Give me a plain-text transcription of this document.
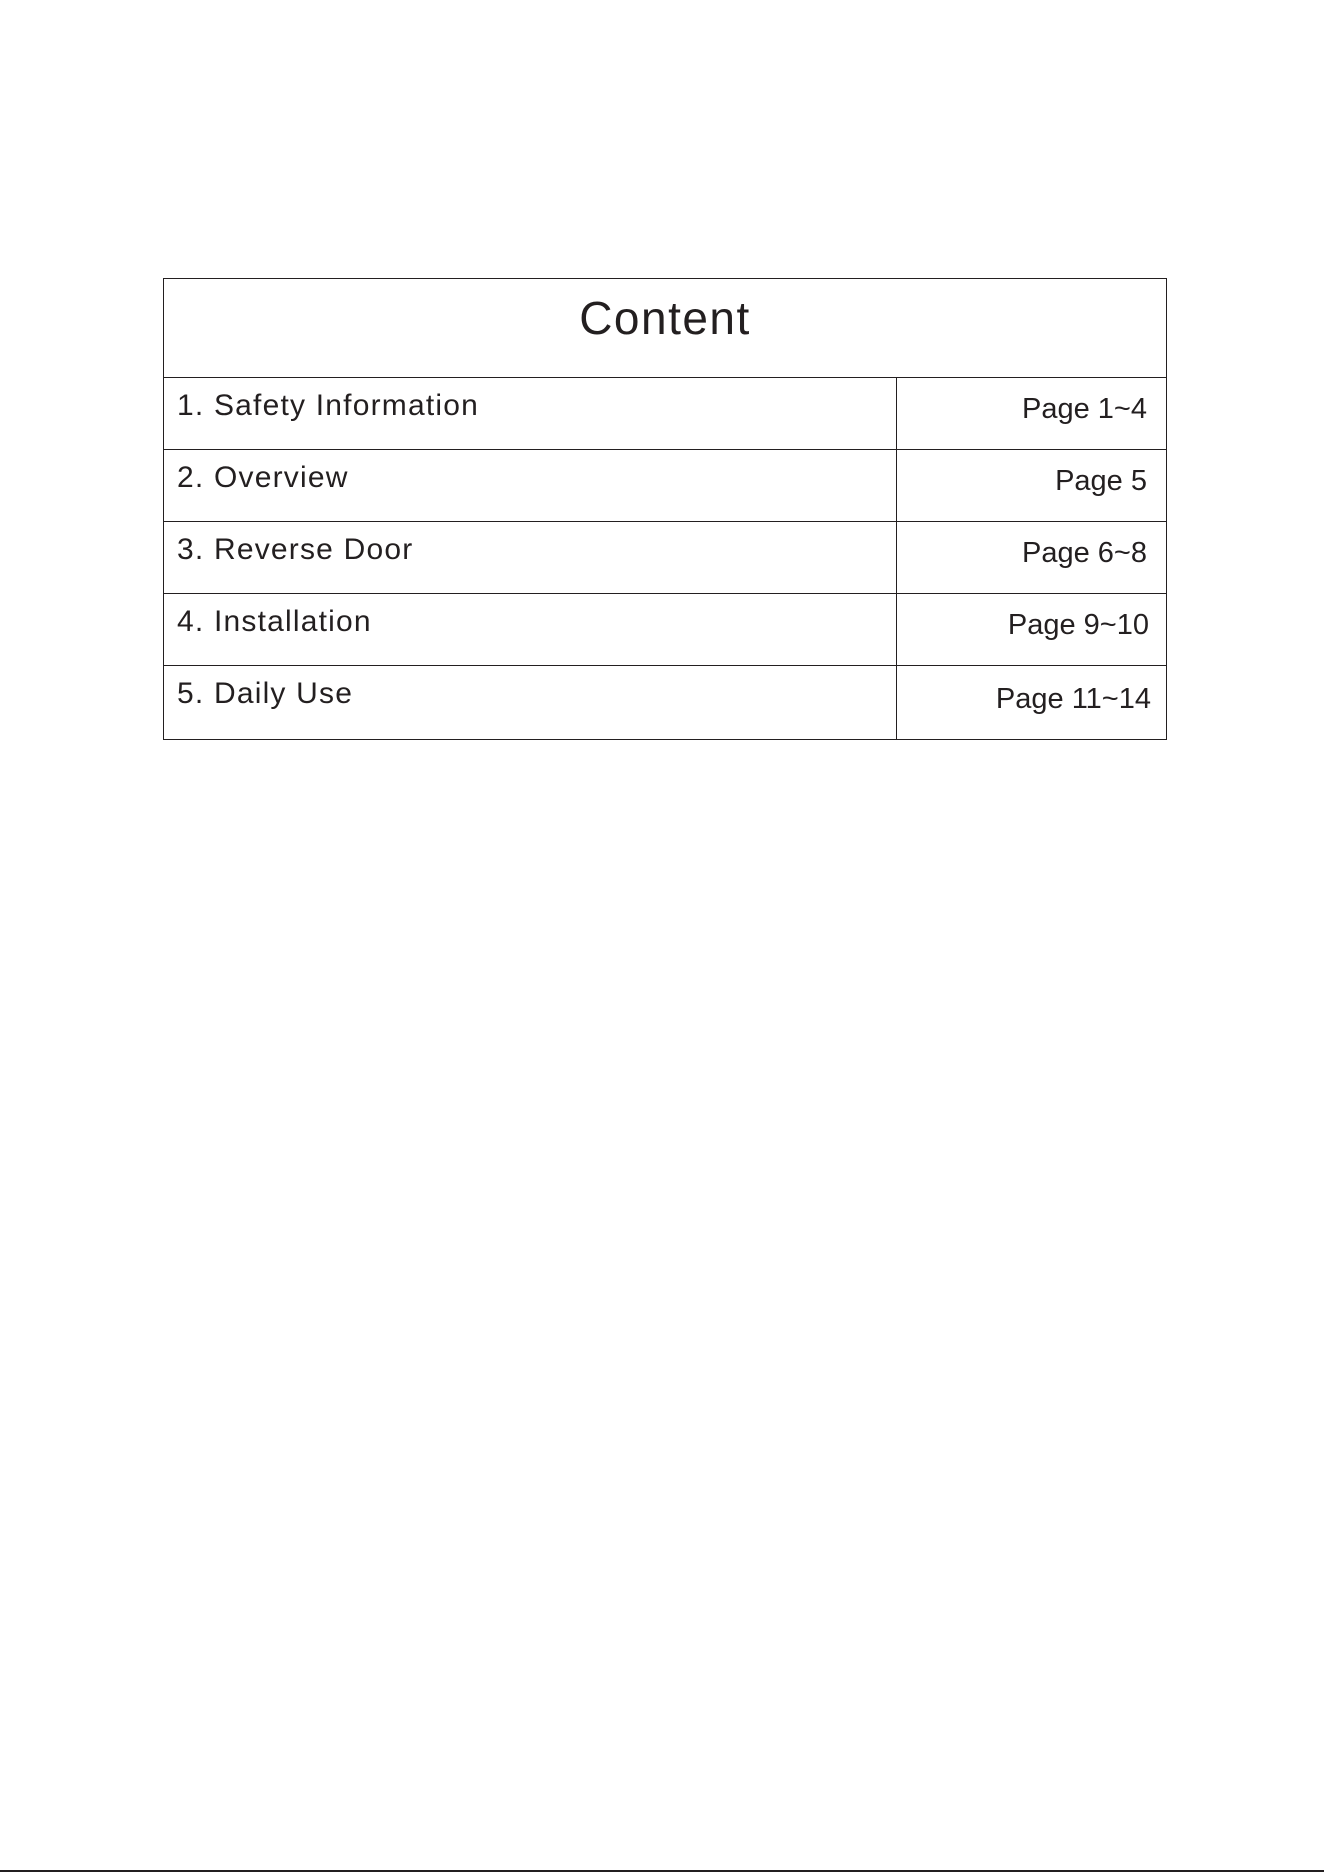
Content
1. Safety Information	Page 1~4
2. Overview	Page 5
3. Reverse Door	Page 6~8
4. Installation	Page 9~10
5. Daily Use	Page 11~14
